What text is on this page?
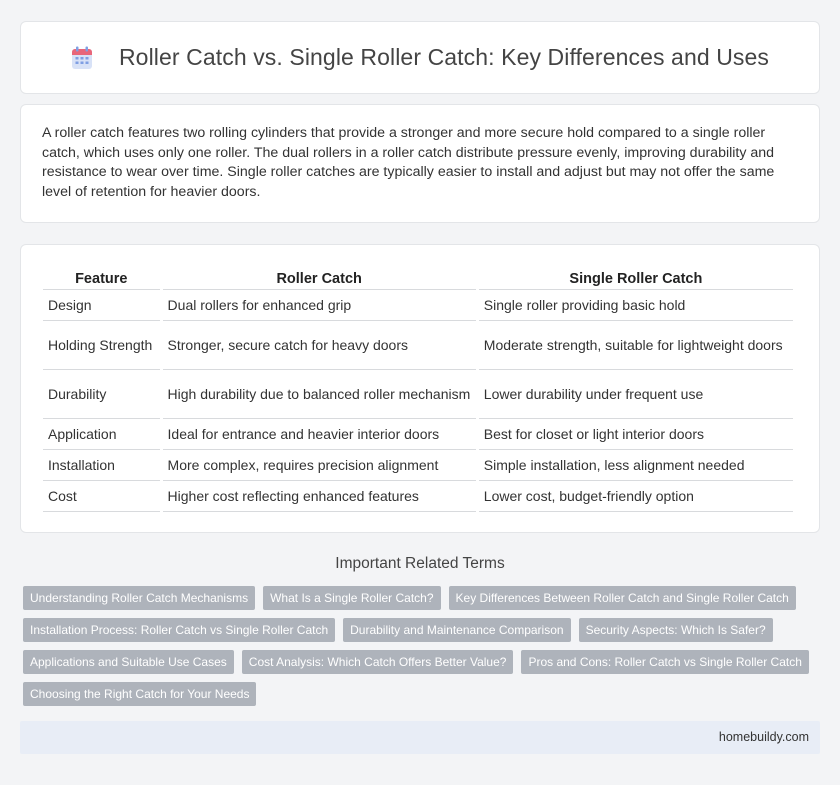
Roller Catch vs. Single Roller Catch: Key Differences and Uses

A roller catch features two rolling cylinders that provide a stronger and more secure hold compared to a single roller catch, which uses only one roller. The dual rollers in a roller catch distribute pressure evenly, improving durability and resistance to wear over time. Single roller catches are typically easier to install and adjust but may not offer the same level of retention for heavier doors.

Feature	Roller Catch	Single Roller Catch
Design	Dual rollers for enhanced grip	Single roller providing basic hold
Holding Strength	Stronger, secure catch for heavy doors	Moderate strength, suitable for lightweight doors
Durability	High durability due to balanced roller mechanism	Lower durability under frequent use
Application	Ideal for entrance and heavier interior doors	Best for closet or light interior doors
Installation	More complex, requires precision alignment	Simple installation, less alignment needed
Cost	Higher cost reflecting enhanced features	Lower cost, budget-friendly option
Important Related Terms
Understanding Roller Catch Mechanisms	What Is a Single Roller Catch?	Key Differences Between Roller Catch and Single Roller Catch
Installation Process: Roller Catch vs Single Roller Catch	Durability and Maintenance Comparison	Security Aspects: Which Is Safer?
Applications and Suitable Use Cases	Cost Analysis: Which Catch Offers Better Value?	Pros and Cons: Roller Catch vs Single Roller Catch
Choosing the Right Catch for Your Needs
homebuildy.com
